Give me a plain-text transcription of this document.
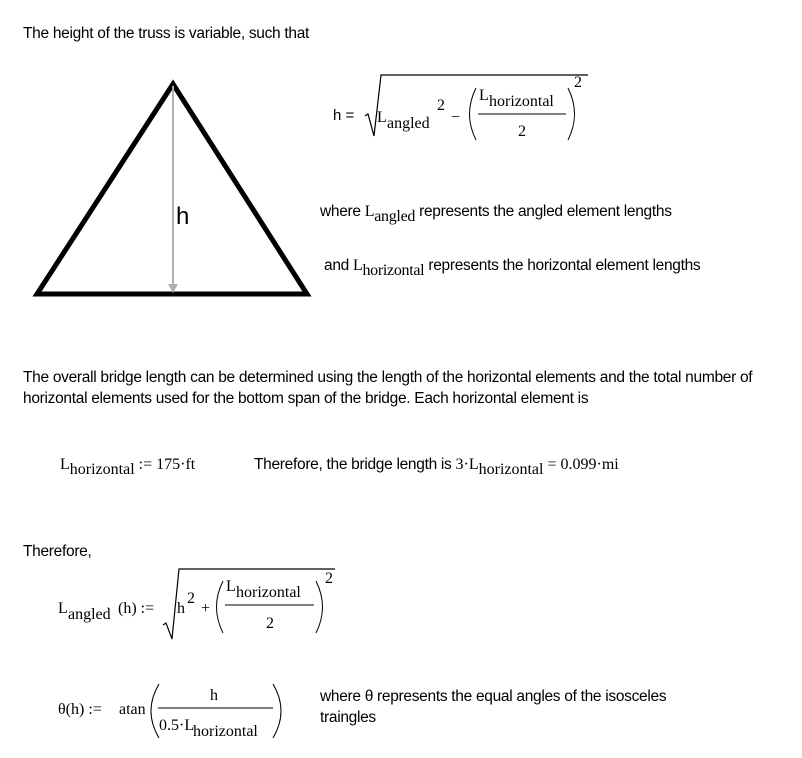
The height of the truss is variable, such that
h
h = L angled
2
−
L horizontal
2
2
where Langled represents the angled element lengths
and Lhorizontal represents the horizontal element lengths
The overall bridge length can be determined using the length of the horizontal elements and the total number of horizontal elements used for the bottom span of the bridge. Each horizontal element is
Lhorizontal := 175·ft	Therefore, the bridge length is 3·Lhorizontal = 0.099·mi
Therefore,
L angled (h) := h
2
+
L horizontal
2
2
θ(h) := atan
h
0.5·L
horizontal
where θ represents the equal angles of the isosceles
traingles
